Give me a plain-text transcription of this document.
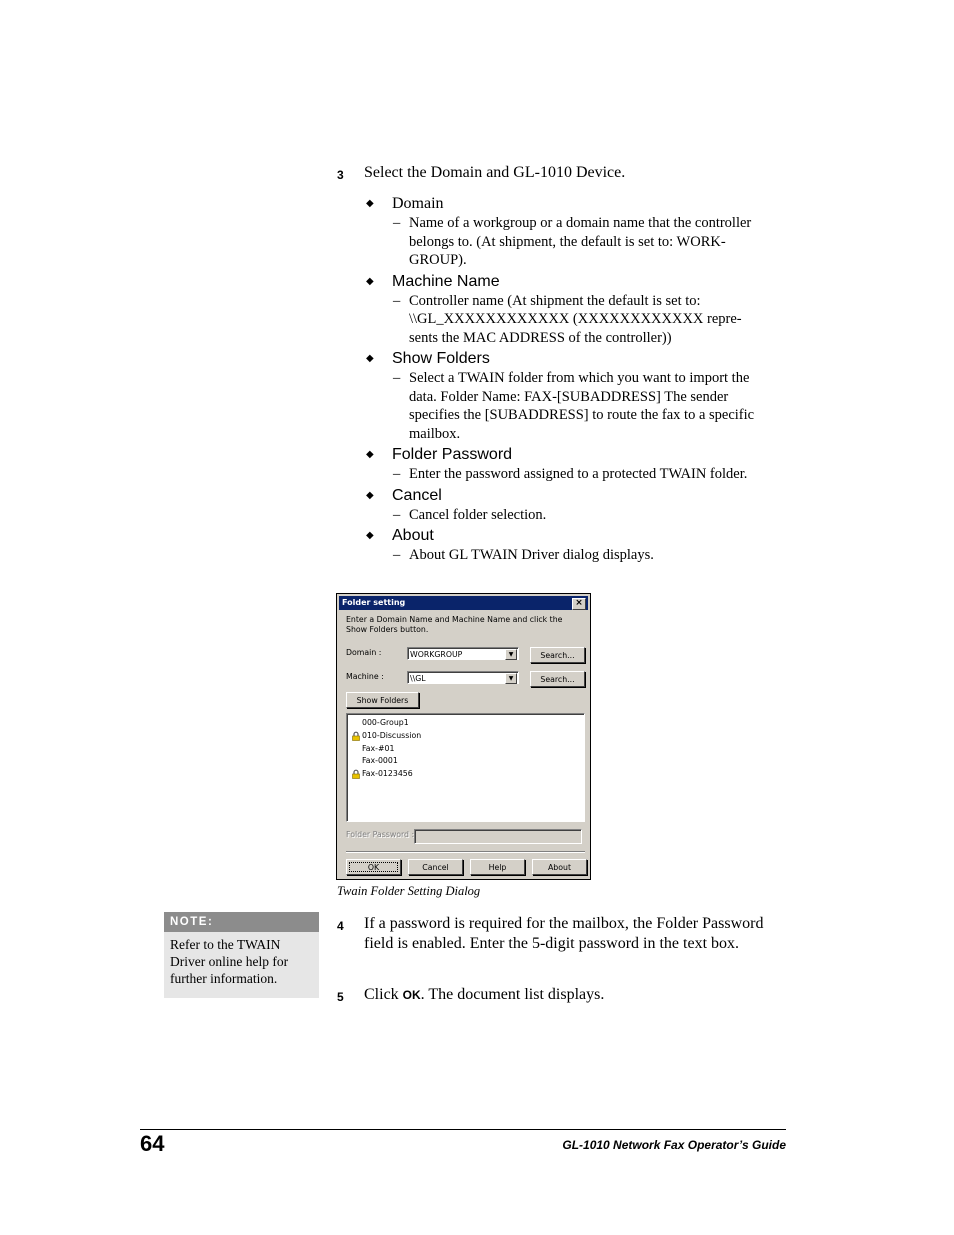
3 Select the Domain and GL-1010 Device.
◆ Domain
– Name of a workgroup or a domain name that the controller
belongs to. (At shipment, the default is set to: WORK-
GROUP).
◆ Machine Name
– Controller name (At shipment the default is set to:
\\GL_XXXXXXXXXXXX (XXXXXXXXXXXX repre-
sents the MAC ADDRESS of the controller))
◆ Show Folders
– Select a TWAIN folder from which you want to import the
data. Folder Name: FAX-[SUBADDRESS] The sender
specifies the [SUBADDRESS] to route the fax to a specific
mailbox.
◆ Folder Password
– Enter the password assigned to a protected TWAIN folder.
◆ Cancel
– Cancel folder selection.
◆ About
– About GL TWAIN Driver dialog displays.
Folder setting	×
Enter a Domain Name and Machine Name and click the Show Folders button.
Domain :	WORKGROUP	▼	Search...
Machine :	\\GL	▼	Search...
Show Folders
000-Group1
010-Discussion
Fax-#01
Fax-0001
Fax-0123456
Folder Password :
OK	Cancel	Help	About
Twain Folder Setting Dialog
NOTE:
Refer to the TWAIN Driver online help for further information.
4 If a password is required for the mailbox, the Folder Password field is enabled. Enter the 5-digit password in the text box.
5 Click OK. The document list displays.
64	GL-1010 Network Fax Operator’s Guide
